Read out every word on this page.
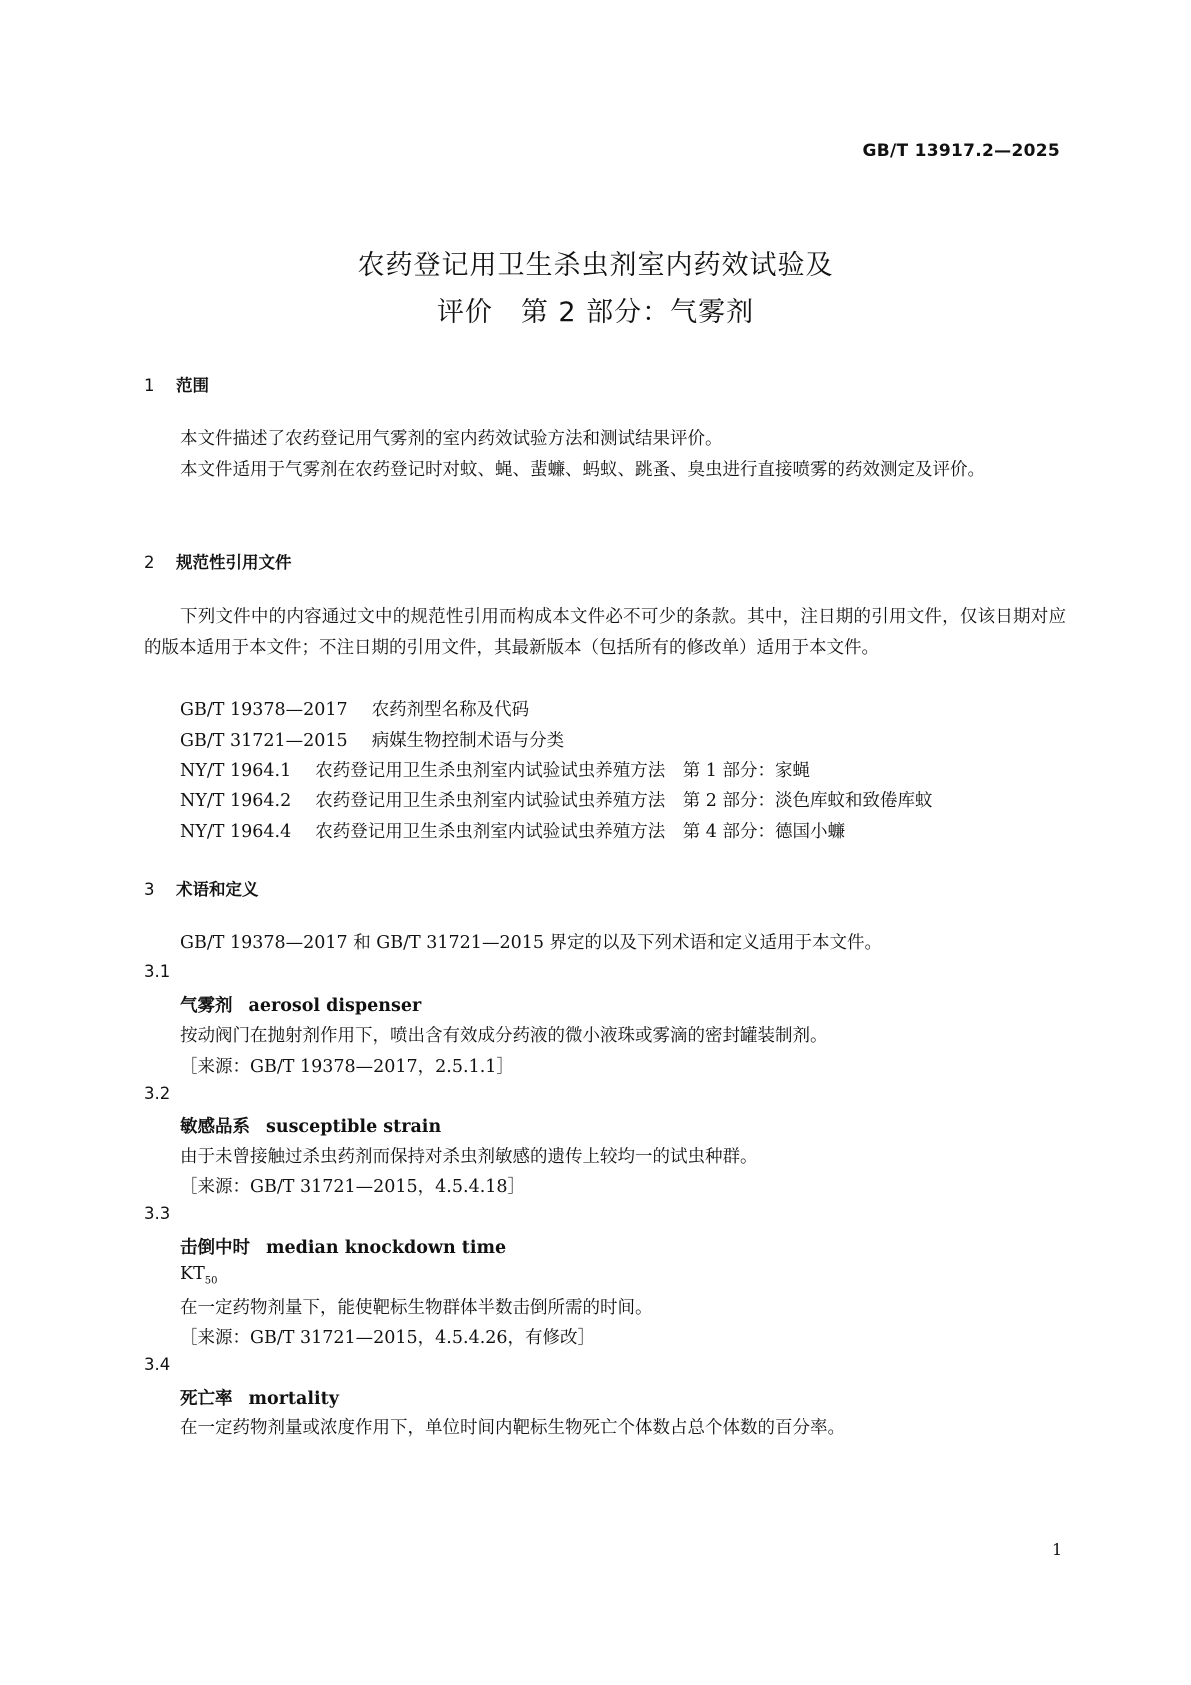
GB/T 13917.2—2025
农药登记用卫生杀虫剂室内药效试验及
评价　第 2 部分：气雾剂
1 范围
本文件描述了农药登记用气雾剂的室内药效试验方法和测试结果评价。
本文件适用于气雾剂在农药登记时对蚊、蝇、蜚蠊、蚂蚁、跳蚤、臭虫进行直接喷雾的药效测定及评价。
2 规范性引用文件
下列文件中的内容通过文中的规范性引用而构成本文件必不可少的条款。其中，注日期的引用文件，仅该日期对应的版本适用于本文件；不注日期的引用文件，其最新版本（包括所有的修改单）适用于本文件。
GB/T 19378—2017 农药剂型名称及代码
GB/T 31721—2015 病媒生物控制术语与分类
NY/T 1964.1 农药登记用卫生杀虫剂室内试验试虫养殖方法　第 1 部分：家蝇
NY/T 1964.2 农药登记用卫生杀虫剂室内试验试虫养殖方法　第 2 部分：淡色库蚊和致倦库蚊
NY/T 1964.4 农药登记用卫生杀虫剂室内试验试虫养殖方法　第 4 部分：德国小蠊
3 术语和定义
GB/T 19378—2017 和 GB/T 31721—2015 界定的以及下列术语和定义适用于本文件。
3.1
气雾剂 aerosol dispenser
按动阀门在抛射剂作用下，喷出含有效成分药液的微小液珠或雾滴的密封罐装制剂。
［来源：GB/T 19378—2017，2.5.1.1］
3.2
敏感品系 susceptible strain
由于未曾接触过杀虫药剂而保持对杀虫剂敏感的遗传上较均一的试虫种群。
［来源：GB/T 31721—2015，4.5.4.18］
3.3
击倒中时 median knockdown time
$KT_{50}$
在一定药物剂量下，能使靶标生物群体半数击倒所需的时间。
［来源：GB/T 31721—2015，4.5.4.26，有修改］
3.4
死亡率 mortality
在一定药物剂量或浓度作用下，单位时间内靶标生物死亡个体数占总个体数的百分率。
1
